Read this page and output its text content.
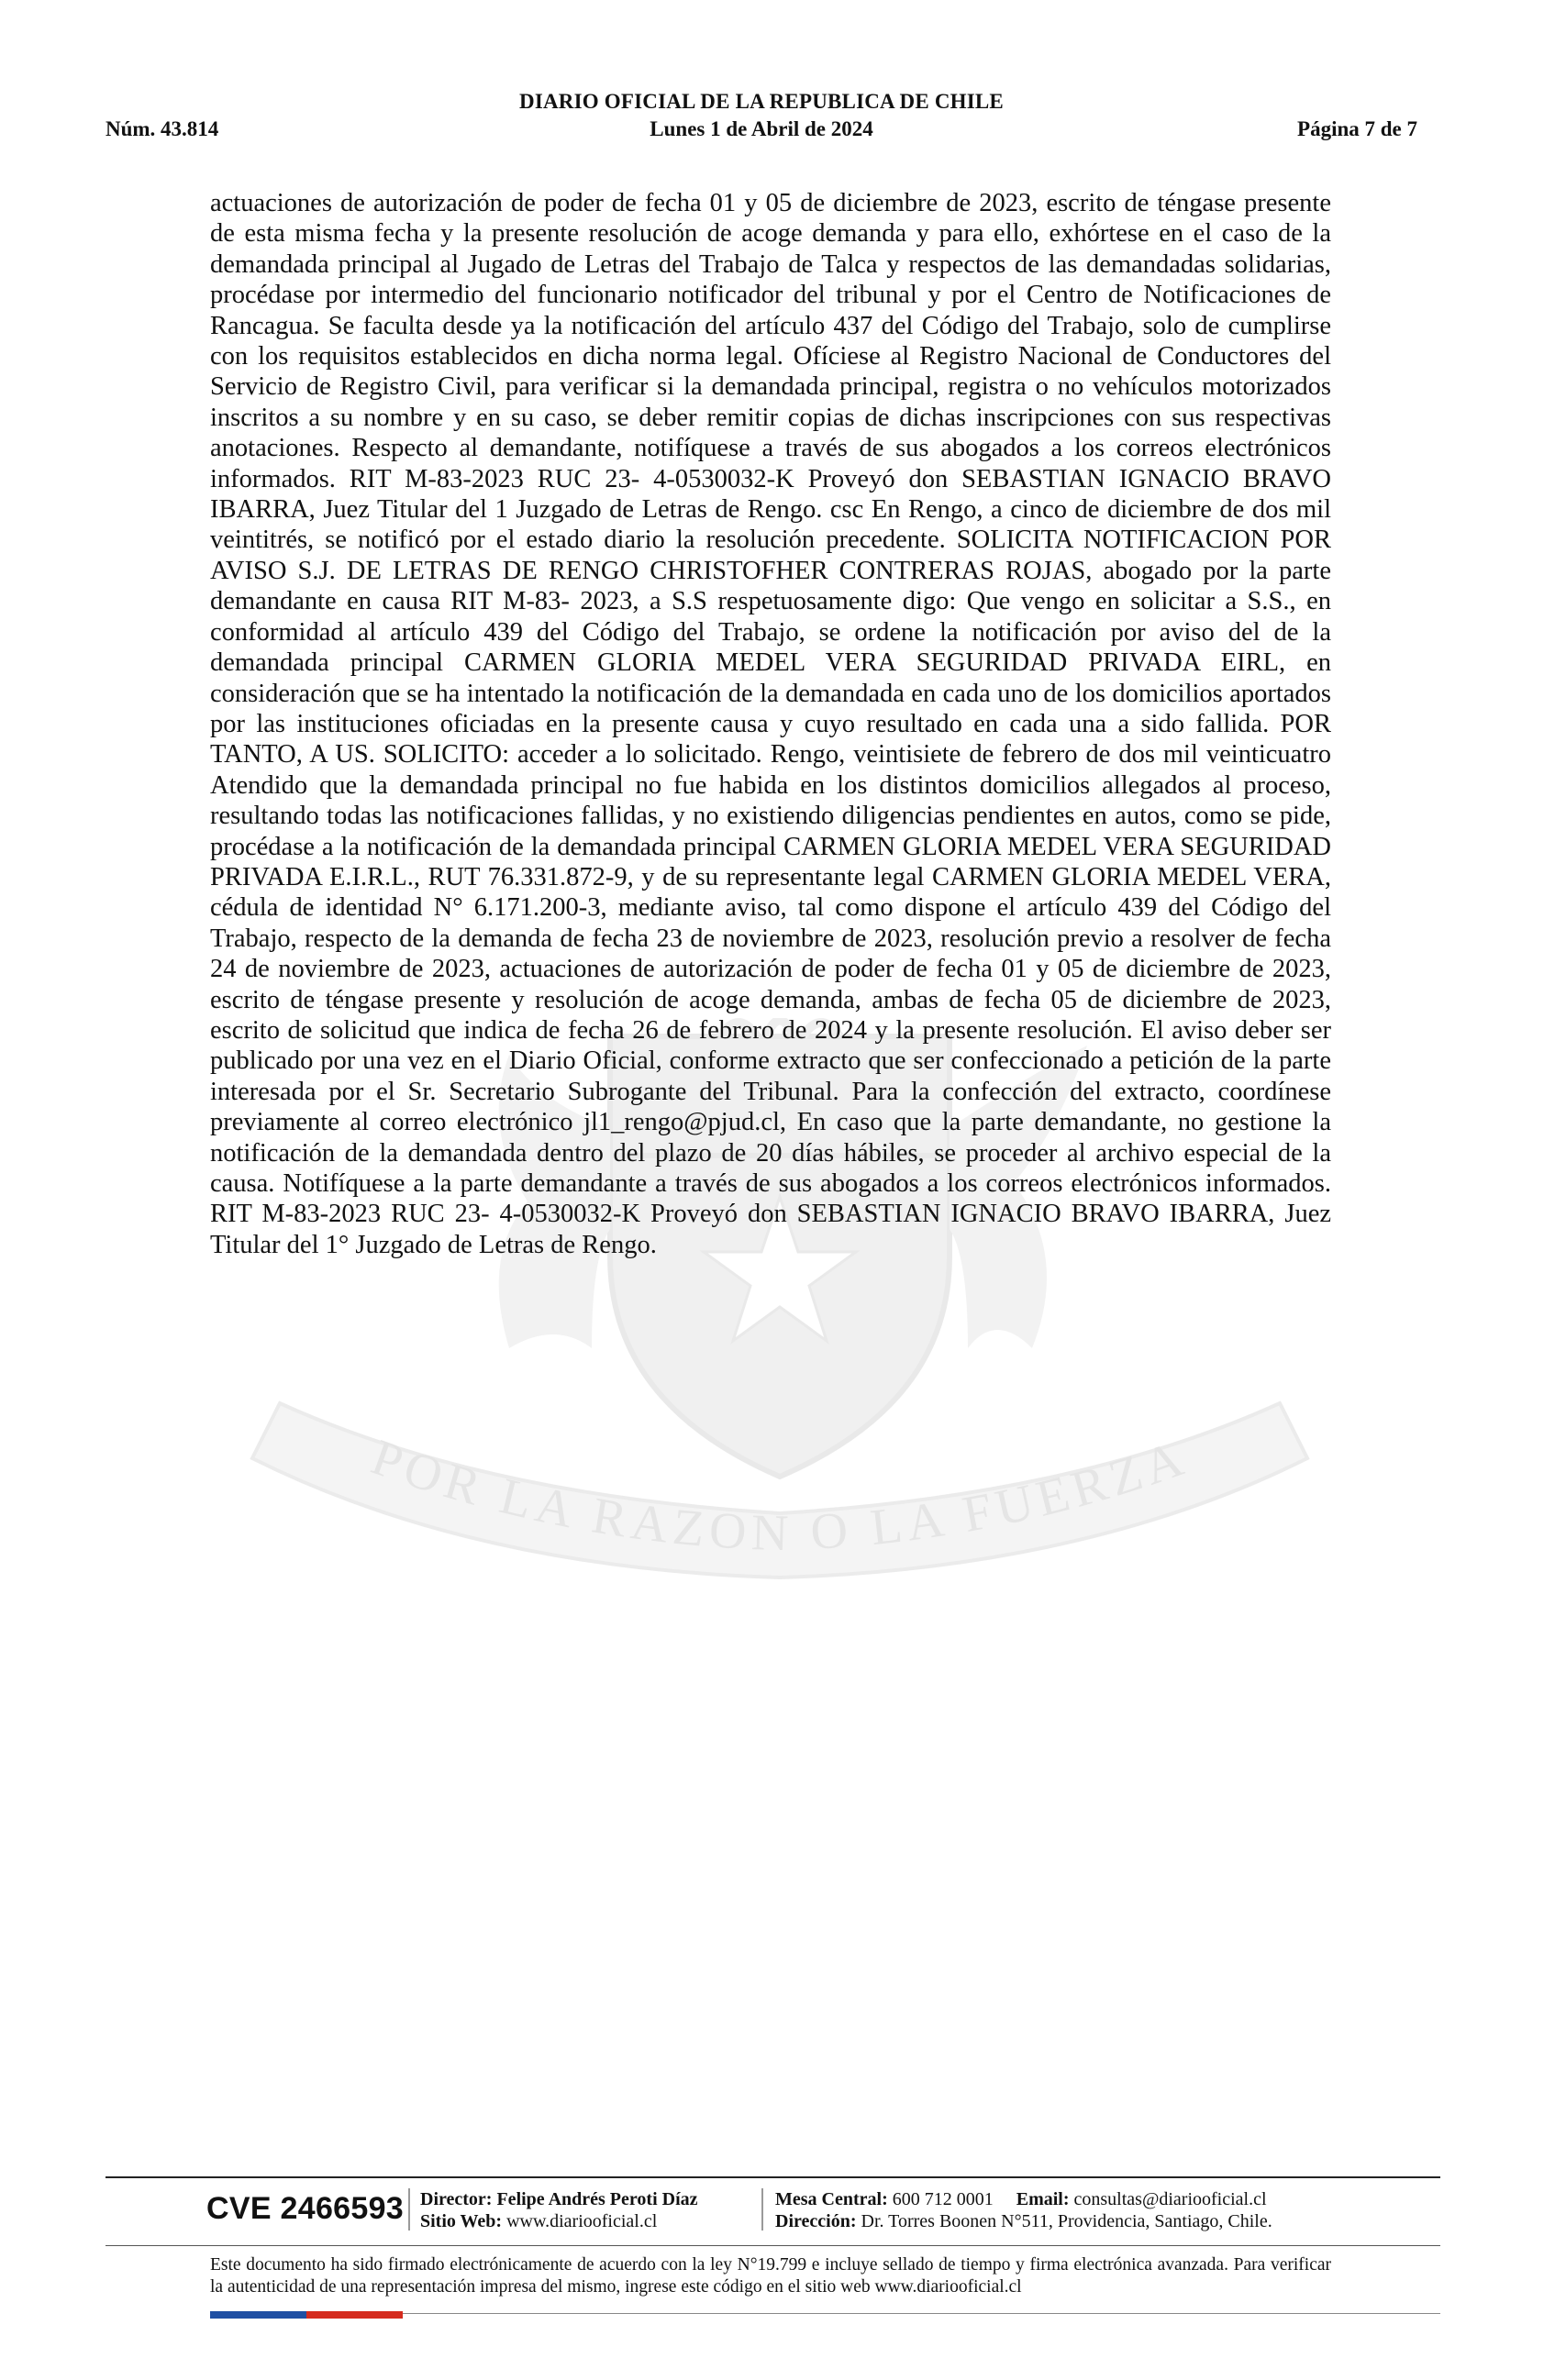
DIARIO OFICIAL DE LA REPUBLICA DE CHILE
Núm. 43.814	Lunes 1 de Abril de 2024	Página 7 de 7
POR LA RAZON O LA FUERZA
actuaciones de autorización de poder de fecha 01 y 05 de diciembre de 2023, escrito de téngase presente de esta misma fecha y la presente resolución de acoge demanda y para ello, exhórtese en el caso de la demandada principal al Jugado de Letras del Trabajo de Talca y respectos de las demandadas solidarias, procédase por intermedio del funcionario notificador del tribunal y por el Centro de Notificaciones de Rancagua. Se faculta desde ya la notificación del artículo 437 del Código del Trabajo, solo de cumplirse con los requisitos establecidos en dicha norma legal. Ofíciese al Registro Nacional de Conductores del Servicio de Registro Civil, para verificar si la demandada principal, registra o no vehículos motorizados inscritos a su nombre y en su caso, se deber remitir copias de dichas inscripciones con sus respectivas anotaciones. Respecto al demandante, notifíquese a través de sus abogados a los correos electrónicos informados. RIT M-83-2023 RUC 23- 4-0530032-K Proveyó don SEBASTIAN IGNACIO BRAVO IBARRA, Juez Titular del 1 Juzgado de Letras de Rengo. csc En Rengo, a cinco de diciembre de dos mil veintitrés, se notificó por el estado diario la resolución precedente. SOLICITA NOTIFICACION POR AVISO S.J. DE LETRAS DE RENGO CHRISTOFHER CONTRERAS ROJAS, abogado por la parte demandante en causa RIT M-83- 2023, a S.S respetuosamente digo: Que vengo en solicitar a S.S., en conformidad al artículo 439 del Código del Trabajo, se ordene la notificación por aviso del de la demandada principal CARMEN GLORIA MEDEL VERA SEGURIDAD PRIVADA EIRL, en consideración que se ha intentado la notificación de la demandada en cada uno de los domicilios aportados por las instituciones oficiadas en la presente causa y cuyo resultado en cada una a sido fallida. POR TANTO, A US. SOLICITO: acceder a lo solicitado. Rengo, veintisiete de febrero de dos mil veinticuatro Atendido que la demandada principal no fue habida en los distintos domicilios allegados al proceso, resultando todas las notificaciones fallidas, y no existiendo diligencias pendientes en autos, como se pide, procédase a la notificación de la demandada principal CARMEN GLORIA MEDEL VERA SEGURIDAD PRIVADA E.I.R.L., RUT 76.331.872-9, y de su representante legal CARMEN GLORIA MEDEL VERA, cédula de identidad N° 6.171.200-3, mediante aviso, tal como dispone el artículo 439 del Código del Trabajo, respecto de la demanda de fecha 23 de noviembre de 2023, resolución previo a resolver de fecha 24 de noviembre de 2023, actuaciones de autorización de poder de fecha 01 y 05 de diciembre de 2023, escrito de téngase presente y resolución de acoge demanda, ambas de fecha 05 de diciembre de 2023, escrito de solicitud que indica de fecha 26 de febrero de 2024 y la presente resolución. El aviso deber ser publicado por una vez en el Diario Oficial, conforme extracto que ser confeccionado a petición de la parte interesada por el Sr. Secretario Subrogante del Tribunal. Para la confección del extracto, coordínese previamente al correo electrónico jl1_rengo@pjud.cl, En caso que la parte demandante, no gestione la notificación de la demandada dentro del plazo de 20 días hábiles, se proceder al archivo especial de la causa. Notifíquese a la parte demandante a través de sus abogados a los correos electrónicos informados. RIT M-83-2023 RUC 23- 4-0530032-K Proveyó don SEBASTIAN IGNACIO BRAVO IBARRA, Juez Titular del 1° Juzgado de Letras de Rengo.
CVE 2466593 Director: Felipe Andrés Peroti Díaz
Sitio Web: www.diariooficial.cl
Mesa Central: 600 712 0001 Email: consultas@diariooficial.cl
Dirección: Dr. Torres Boonen N°511, Providencia, Santiago, Chile.
Este documento ha sido firmado electrónicamente de acuerdo con la ley N°19.799 e incluye sellado de tiempo y firma electrónica avanzada. Para verificar la autenticidad de una representación impresa del mismo, ingrese este código en el sitio web www.diariooficial.cl
